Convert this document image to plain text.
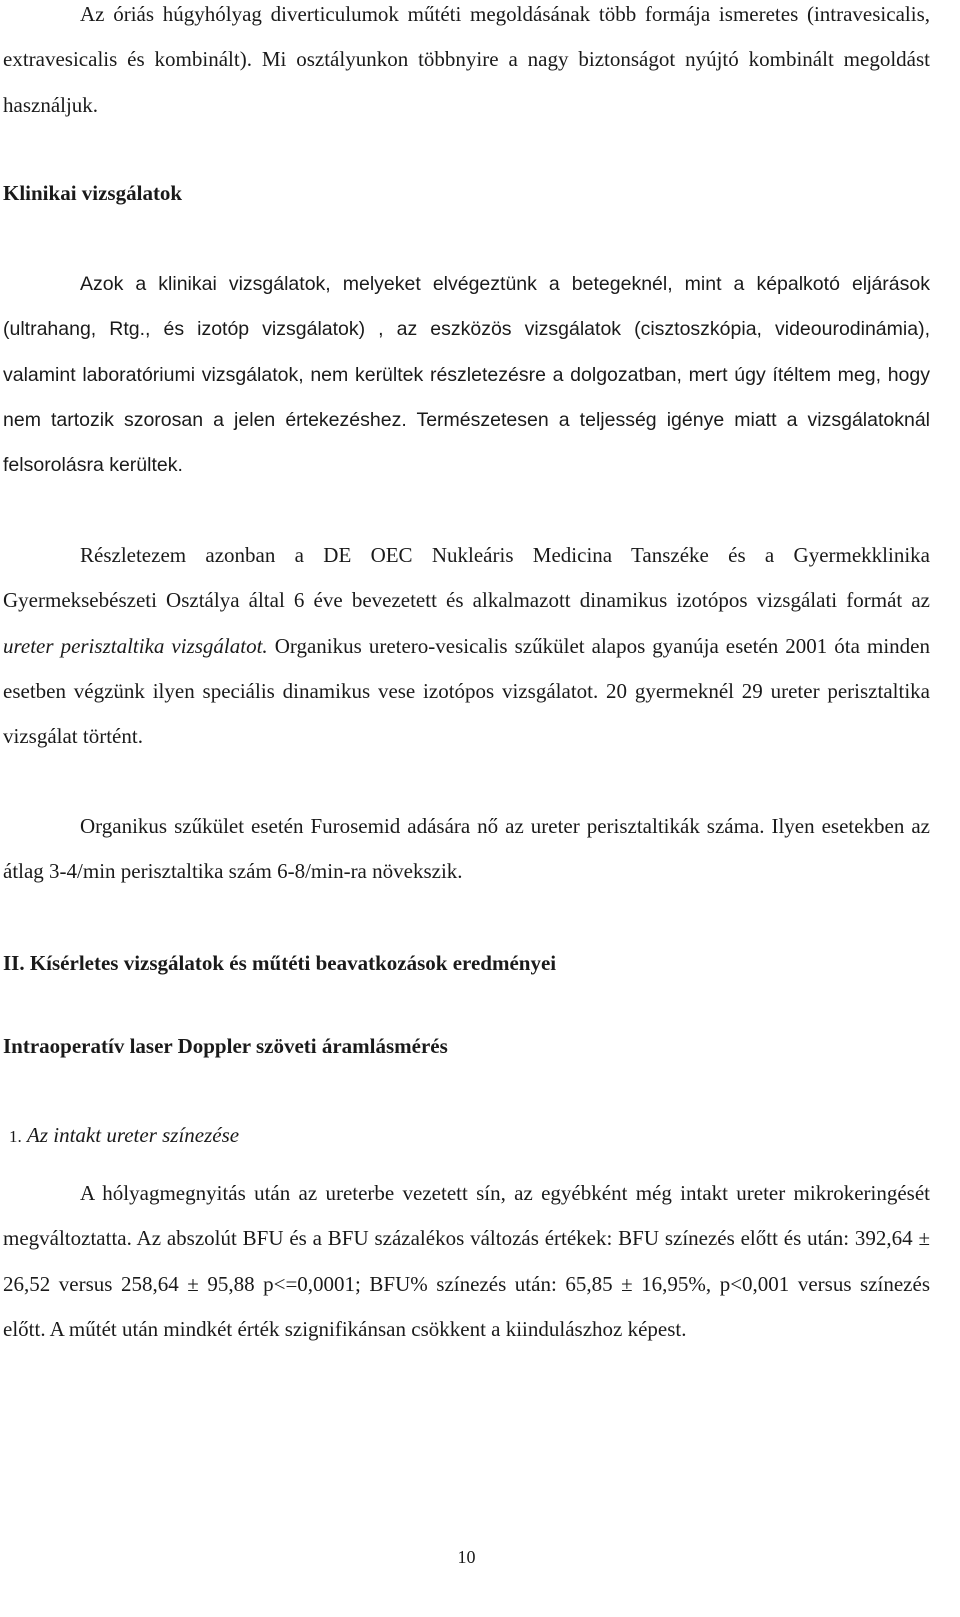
Az óriás húgyhólyag diverticulumok műtéti megoldásának több formája ismeretes (intravesicalis, extravesicalis és kombinált). Mi osztályunkon többnyire a nagy biztonságot nyújtó kombinált megoldást használjuk.

Klinikai vizsgálatok

Azok a klinikai vizsgálatok, melyeket elvégeztünk a betegeknél, mint a képalkotó eljárások (ultrahang, Rtg., és izotóp vizsgálatok) , az eszközös vizsgálatok (cisztoszkópia, videourodinámia), valamint laboratóriumi vizsgálatok, nem kerültek részletezésre a dolgozatban, mert úgy ítéltem meg, hogy nem tartozik szorosan a jelen értekezéshez. Természetesen a teljesség igénye miatt a vizsgálatoknál felsorolásra kerültek.

Részletezem azonban a DE OEC Nukleáris Medicina Tanszéke és a Gyermekklinika Gyermeksebészeti Osztálya által 6 éve bevezetett és alkalmazott dinamikus izotópos vizsgálati formát az ureter perisztaltika vizsgálatot. Organikus uretero-vesicalis szűkület alapos gyanúja esetén 2001 óta minden esetben végzünk ilyen speciális dinamikus vese izotópos vizsgálatot. 20 gyermeknél 29 ureter perisztaltika vizsgálat történt.

Organikus szűkület esetén Furosemid adására nő az ureter perisztaltikák száma. Ilyen esetekben az átlag 3-4/min perisztaltika szám 6-8/min-ra növekszik.

II. Kísérletes vizsgálatok és műtéti beavatkozások eredményei
Intraoperatív laser Doppler szöveti áramlásmérés
1. Az intakt ureter színezése

A hólyagmegnyitás után az ureterbe vezetett sín, az egyébként még intakt ureter mikrokeringését megváltoztatta. Az abszolút BFU és a BFU százalékos változás értékek: BFU színezés előtt és után: 392,64 ± 26,52 versus 258,64 ± 95,88 p<=0,0001; BFU% színezés után: 65,85 ± 16,95%, p<0,001 versus színezés előtt. A műtét után mindkét érték szignifikánsan csökkent a kiindulászhoz képest.

10
